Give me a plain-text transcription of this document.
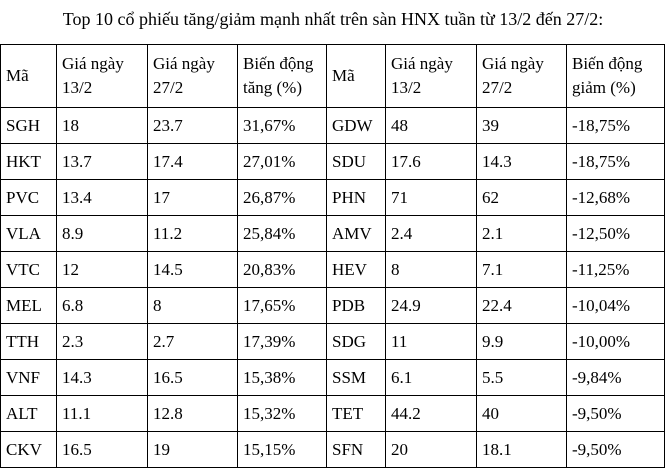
Top 10 cổ phiếu tăng/giảm mạnh nhất trên sàn HNX tuần từ 13/2 đến 27/2:
Mã	Giá ngày 13/2	Giá ngày 27/2	Biến động tăng (%)	Mã	Giá ngày 13/2	Giá ngày 27/2	Biến động giảm (%)
SGH	18	23.7	31,67%	GDW	48	39	-18,75%
HKT	13.7	17.4	27,01%	SDU	17.6	14.3	-18,75%
PVC	13.4	17	26,87%	PHN	71	62	-12,68%
VLA	8.9	11.2	25,84%	AMV	2.4	2.1	-12,50%
VTC	12	14.5	20,83%	HEV	8	7.1	-11,25%
MEL	6.8	8	17,65%	PDB	24.9	22.4	-10,04%
TTH	2.3	2.7	17,39%	SDG	11	9.9	-10,00%
VNF	14.3	16.5	15,38%	SSM	6.1	5.5	-9,84%
ALT	11.1	12.8	15,32%	TET	44.2	40	-9,50%
CKV	16.5	19	15,15%	SFN	20	18.1	-9,50%
